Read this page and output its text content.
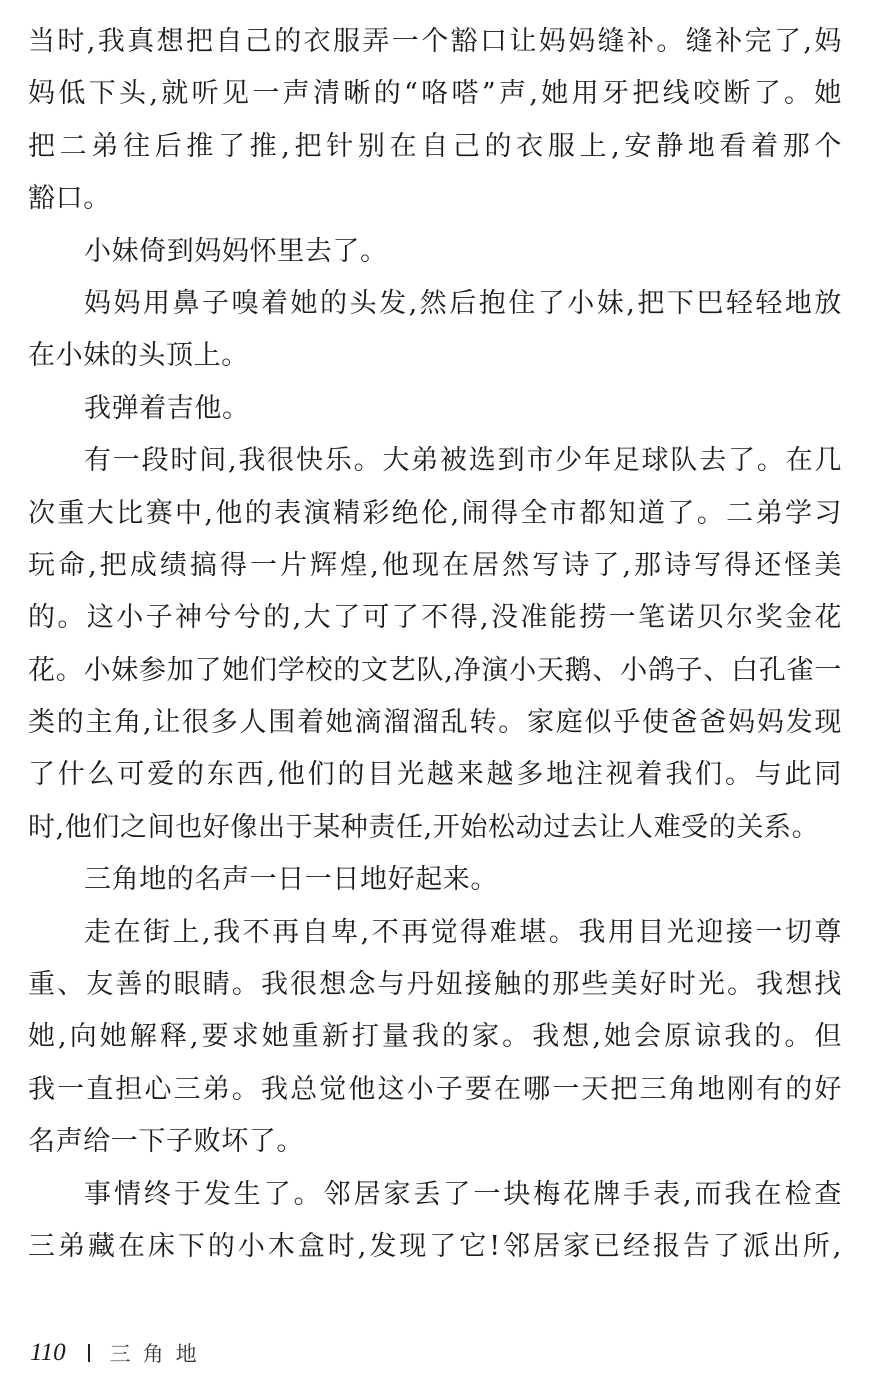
当时,我真想把自己的衣服弄一个豁口让妈妈缝补。缝补完了,妈
妈低下头,就听见一声清晰的“咯嗒”声,她用牙把线咬断了。她
把二弟往后推了推,把针别在自己的衣服上,安静地看着那个
豁口。
小妹倚到妈妈怀里去了。
妈妈用鼻子嗅着她的头发,然后抱住了小妹,把下巴轻轻地放
在小妹的头顶上。
我弹着吉他。
有一段时间,我很快乐。大弟被选到市少年足球队去了。在几
次重大比赛中,他的表演精彩绝伦,闹得全市都知道了。二弟学习
玩命,把成绩搞得一片辉煌,他现在居然写诗了,那诗写得还怪美
的。这小子神兮兮的,大了可了不得,没准能捞一笔诺贝尔奖金花
花。小妹参加了她们学校的文艺队,净演小天鹅、小鸽子、白孔雀一
类的主角,让很多人围着她滴溜溜乱转。家庭似乎使爸爸妈妈发现
了什么可爱的东西,他们的目光越来越多地注视着我们。与此同
时,他们之间也好像出于某种责任,开始松动过去让人难受的关系。
三角地的名声一日一日地好起来。
走在街上,我不再自卑,不再觉得难堪。我用目光迎接一切尊
重、友善的眼睛。我很想念与丹妞接触的那些美好时光。我想找
她,向她解释,要求她重新打量我的家。我想,她会原谅我的。但
我一直担心三弟。我总觉他这小子要在哪一天把三角地刚有的好
名声给一下子败坏了。
事情终于发生了。邻居家丢了一块梅花牌手表,而我在检查
三弟藏在床下的小木盒时,发现了它!邻居家已经报告了派出所,
110 三角地
